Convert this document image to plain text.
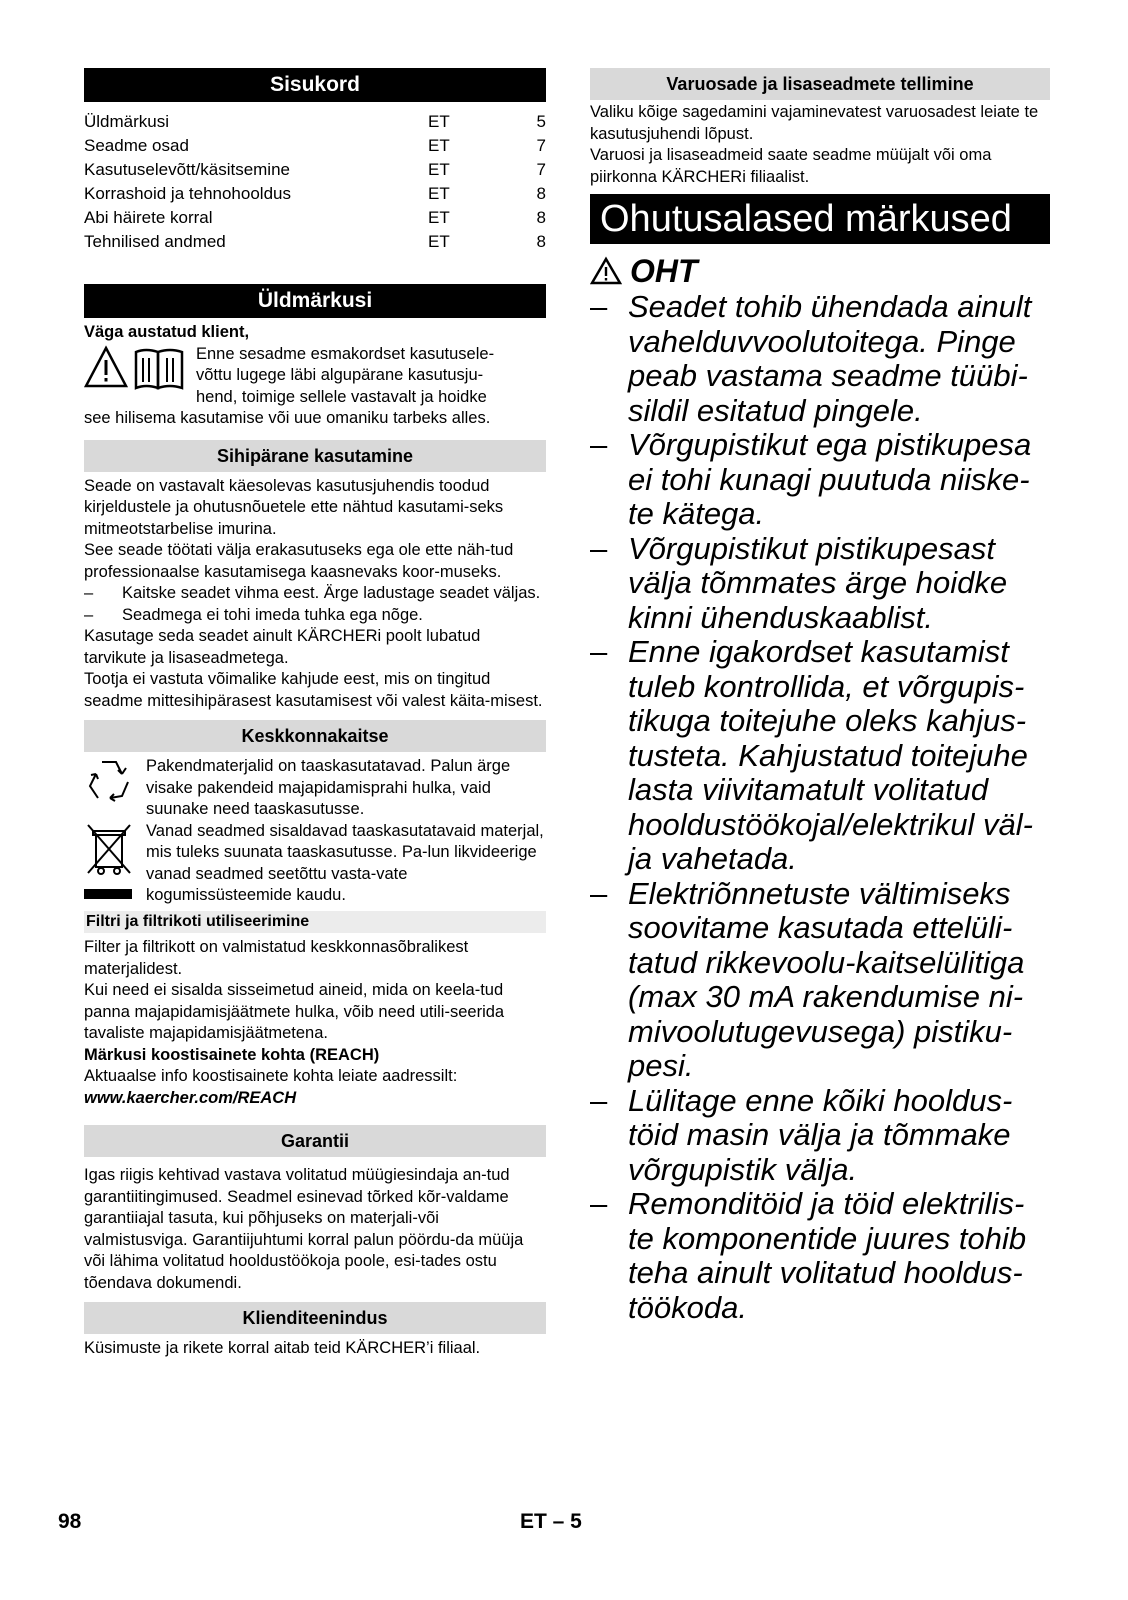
Sisukord
Üldmärkusi	ET	5
Seadme osad	ET	7
Kasutuselevõtt/käsitsemine	ET	7
Korrashoid ja tehnohooldus	ET	8
Abi häirete korral	ET	8
Tehnilised andmed	ET	8
Üldmärkusi
Väga austatud klient,
Enne sesadme esmakordset kasutusele-
võttu lugege läbi algupärane kasutusju-
hend, toimige sellele vastavalt ja hoidke
see hilisema kasutamise või uue omaniku tarbeks alles.
Sihipärane kasutamine
Seade on vastavalt käesolevas kasutusjuhendis toodud kirjeldustele ja ohutusnõuetele ette nähtud kasutami-seks mitmeotstarbelise imurina.
See seade töötati välja erakasutuseks ega ole ette näh-tud professionaalse kasutamisega kaasnevaks koor-museks.
–	Kaitske seadet vihma eest. Ärge ladustage seadet väljas.
–	Seadmega ei tohi imeda tuhka ega nõge.
Kasutage seda seadet ainult KÄRCHERi poolt lubatud tarvikute ja lisaseadmetega.
Tootja ei vastuta võimalike kahjude eest, mis on tingitud seadme mittesihipärasest kasutamisest või valest käita-misest.
Keskkonnakaitse
Pakendmaterjalid on taaskasutatavad. Palun ärge visake pakendeid majapidamisprahi hulka, vaid suunake need taaskasutusse.
Vanad seadmed sisaldavad taaskasutatavaid materjal, mis tuleks suunata taaskasutusse. Pa-lun likvideerige vanad seadmed seetõttu vasta-vate kogumissüsteemide kaudu.
Filtri ja filtrikoti utiliseerimine
Filter ja filtrikott on valmistatud keskkonnasõbralikest materjalidest.
Kui need ei sisalda sisseimetud aineid, mida on keela-tud panna majapidamisjäätmete hulka, võib need utili-seerida tavaliste majapidamisjäätmetena.
Märkusi koostisainete kohta (REACH)
Aktuaalse info koostisainete kohta leiate aadressilt:
www.kaercher.com/REACH
Garantii
Igas riigis kehtivad vastava volitatud müügiesindaja an-tud garantiitingimused. Seadmel esinevad tõrked kõr-valdame garantiiajal tasuta, kui põhjuseks on materjali-või valmistusviga. Garantiijuhtumi korral palun pöördu-da müüja või lähima volitatud hooldustöökoja poole, esi-tades ostu tõendava dokumendi.
Klienditeenindus
Küsimuste ja rikete korral aitab teid KÄRCHER’i filiaal.
Varuosade ja lisaseadmete tellimine
Valiku kõige sagedamini vajaminevatest varuosadest leiate te kasutusjuhendi lõpust.
Varuosi ja lisaseadmeid saate seadme müüjalt või oma piirkonna KÄRCHERi filiaalist.
Ohutusalased märkused
OHT
– Seadet tohib ühendada ainult vahelduvvoolutoitega. Pinge peab vastama seadme tüübi-sildil esitatud pingele.
– Võrgupistikut ega pistikupesa ei tohi kunagi puutuda niiske-te kätega.
– Võrgupistikut pistikupesast välja tõmmates ärge hoidke kinni ühenduskaablist.
– Enne igakordset kasutamist tuleb kontrollida, et võrgupis-tikuga toitejuhe oleks kahjus-tusteta. Kahjustatud toitejuhe lasta viivitamatult volitatud hooldustöökojal/elektrikul väl-ja vahetada.
– Elektriõnnetuste vältimiseks soovitame kasutada ettelüli-tatud rikkevoolu-kaitselülitiga (max 30 mA rakendumise ni-mivoolutugevusega) pistiku-pesi.
– Lülitage enne kõiki hooldus-töid masin välja ja tõmmake võrgupistik välja.
– Remonditöid ja töid elektrilis-te komponentide juures tohib teha ainult volitatud hooldus-töökoda.
98	ET – 5
